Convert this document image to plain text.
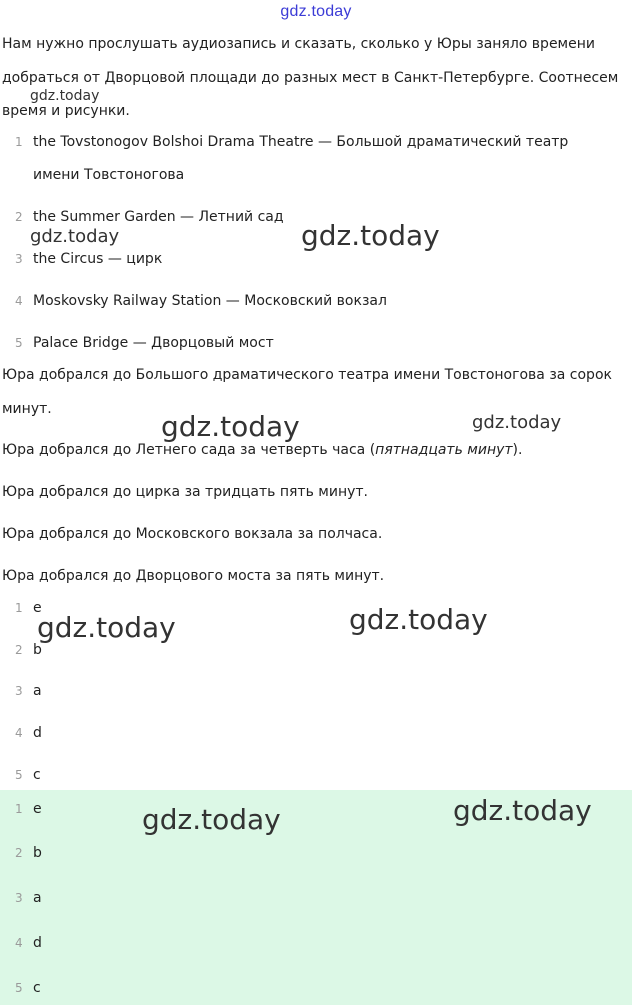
gdz.today
Нам нужно прослушать аудиозапись и сказать, сколько у Юры заняло времени добраться от Дворцовой площади до разных мест в Санкт-Петербурге. Соотнесем время и рисунки.
1 the Tovstonogov Bolshoi Drama Theatre — Большой драматический театр
имени Товстоногова
2 the Summer Garden — Летний сад
3 the Circus — цирк
4 Moskovsky Railway Station — Московский вокзал
5 Palace Bridge — Дворцовый мост
Юра добрался до Большого драматического театра имени Товстоногова за сорок минут.
Юра добрался до Летнего сада за четверть часа (пятнадцать минут).
Юра добрался до цирка за тридцать пять минут.
Юра добрался до Московского вокзала за полчаса.
Юра добрался до Дворцового моста за пять минут.
1 e
2 b
3 a
4 d
5 c
1 e
2 b
3 a
4 d
5 c
gdz.today
gdz.today	gdz.today
gdz.today	gdz.today
gdz.today	gdz.today
gdz.today	gdz.today
